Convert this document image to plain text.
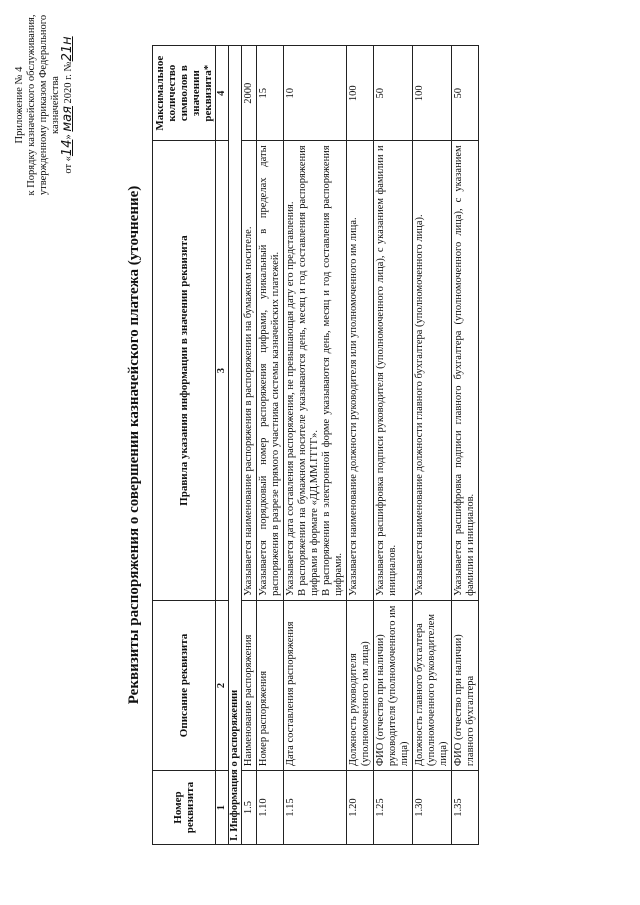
Приложение № 4 к Порядку казначейского обслуживания, утвержденному приказом Федерального казначейства
от «14» мая 2020 г. №21н
Реквизиты распоряжения о совершении казначейского платежа (уточнение)
Номер реквизита	Описание реквизита	Правила указания информации в значении реквизита	Максимальное количество символов в значении реквизита*
1	2	3	4
I. Информация о распоряжении			
1.5	Наименование распоряжения	Указывается наименование распоряжения в распоряжении на бумажном носителе.	2000
1.10	Номер распоряжения	Указывается порядковый номер распоряжения цифрами, уникальный в пределах даты распоряжения в разрезе прямого участника системы казначейских платежей.	15
1.15	Дата составления распоряжения	Указывается дата составления распоряжения, не превышающая дату его представления. В распоряжении на бумажном носителе указываются день, месяц и год составления распоряжения цифрами в формате «ДД.ММ.ГГГГ». В распоряжении в электронной форме указываются день, месяц и год составления распоряжения цифрами.	10
1.20	Должность руководителя (уполномоченного им лица)	Указывается наименование должности руководителя или уполномоченного им лица.	100
1.25	ФИО (отчество при наличии) руководителя (уполномоченного им лица)	Указывается расшифровка подписи руководителя (уполномоченного лица), с указанием фамилии и инициалов.	50
1.30	Должность главного бухгалтера (уполномоченного руководителем лица)	Указывается наименование должности главного бухгалтера (уполномоченного лица).	100
1.35	ФИО (отчество при наличии) главного бухгалтера	Указывается расшифровка подписи главного бухгалтера (уполномоченного лица), с указанием фамилии и инициалов.	50
